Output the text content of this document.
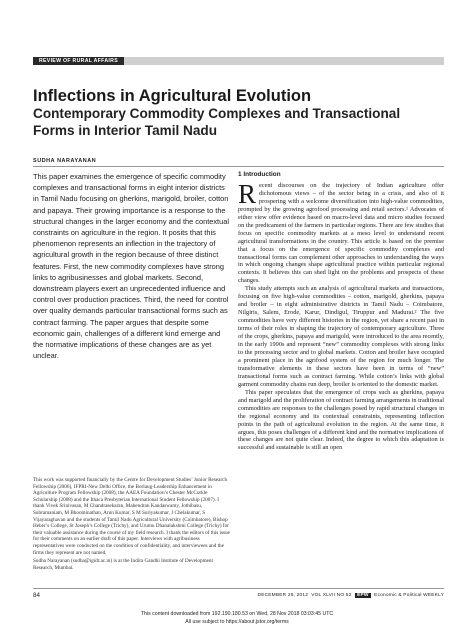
REVIEW OF RURAL AFFAIRS
Inflections in Agricultural Evolution
Contemporary Commodity Complexes and Transactional Forms in Interior Tamil Nadu
SUDHA NARAYANAN

This paper examines the emergence of specific commodity complexes and transactional forms in eight interior districts in Tamil Nadu focusing on gherkins, marigold, broiler, cotton and papaya. Their growing importance is a response to the structural changes in the larger economy and the contextual constraints on agriculture in the region. It posits that this phenomenon represents an inflection in the trajectory of agricultural growth in the region because of three distinct features. First, the new commodity complexes have strong links to agribusinesses and global markets. Second, downstream players exert an unprecedented influence and control over production practices. Third, the need for control over quality demands particular transactional forms such as contract farming. The paper argues that despite some economic gain, challenges of a different kind emerge and the normative implications of these changes are as yet unclear.

This work was supported financially by the Centre for Development Studies’ Junior Research Fellowship (2006), IFPRI-New Delhi Office, the Borlaug-Leadership Enhancement in Agriculture Program Fellowship (2008), the AAEA Foundation’s Chester McCorkle Scholarship (2008) and the Ithaca Presbyterian International Student Fellowship (2007). I thank Vivek Srinivasan, M Chandrasekaran, Mahendran Kandaswamy, Jothibasu, Subramaniam, M Bhoominathan, Arun Kumar, S M Suriyakumar, J Chelakumar, S Vijayaraghavan and the students of Tamil Nadu Agricultural University (Coimbatore), Bishop Heber’s College, St Joseph’s College (Trichy), and Urumu Dhanalakshmi College (Trichy) for their valuable assistance during the course of my field research. I thank the editors of this issue for their comments on an earlier draft of this paper. Interviews with agribusiness representatives were conducted on the condition of confidentiality, and interviewees and the firms they represent are not named.

Sudha Narayanan (sudha@igidr.ac.in) is at the Indira Gandhi Institute of Development Research, Mumbai.

1 Introduction

Recent discourses on the trajectory of Indian agriculture offer dichotomous views – of the sector being in a crisis, and also of it prospering with a welcome diversification into high-value commodities, prompted by the growing agrofood processing and retail sectors.¹ Advocates of either view offer evidence based on macro-level data and micro studies focused on the predicament of the farmers in particular regions. There are few studies that focus on specific commodity markets at a meso level to understand recent agricultural transformations in the country. This article is based on the premise that a focus on the emergence of specific commodity complexes and transactional forms can complement other approaches to understanding the ways in which ongoing changes shape agricultural practice within particular regional contexts. It believes this can shed light on the problems and prospects of these changes.

This study attempts such an analysis of agricultural markets and transactions, focusing on five high-value commodities – cotton, marigold, gherkins, papaya and broiler – in eight administrative districts in Tamil Nadu – Coimbatore, Nilgiris, Salem, Erode, Karur, Dindigul, Tiruppur and Madurai.² The five commodities have very different histories in the region, yet share a recent past in terms of their roles in shaping the trajectory of contemporary agriculture. Three of the crops, gherkins, papaya and marigold, were introduced to the area recently, in the early 1990s and represent “new” commodity complexes with strong links to the processing sector and to global markets. Cotton and broiler have occupied a prominent place in the agrifood system of the region for much longer. The transformative elements in these sectors have been in terms of “new” transactional forms such as contract farming. While cotton’s links with global garment commodity chains run deep, broiler is oriented to the domestic market.

This paper speculates that the emergence of crops such as gherkins, papaya and marigold and the proliferation of contract farming arrangements in traditional commodities are responses to the challenges posed by rapid structural changes in the regional economy and its contextual constraints, representing inflection points in the path of agricultural evolution in the region. At the same time, it argues, this poses challenges of a different kind and the normative implications of these changes are not quite clear. Indeed, the degree to which this adaptation is successful and sustainable is still an open

84	DECEMBER 29, 2012 VOL XLVII NO 52 EPW Economic & Political WEEKLY
This content downloaded from 192.190.180.53 on Wed, 28 Nov 2018 03:03:45 UTC
All use subject to https://about.jstor.org/terms
